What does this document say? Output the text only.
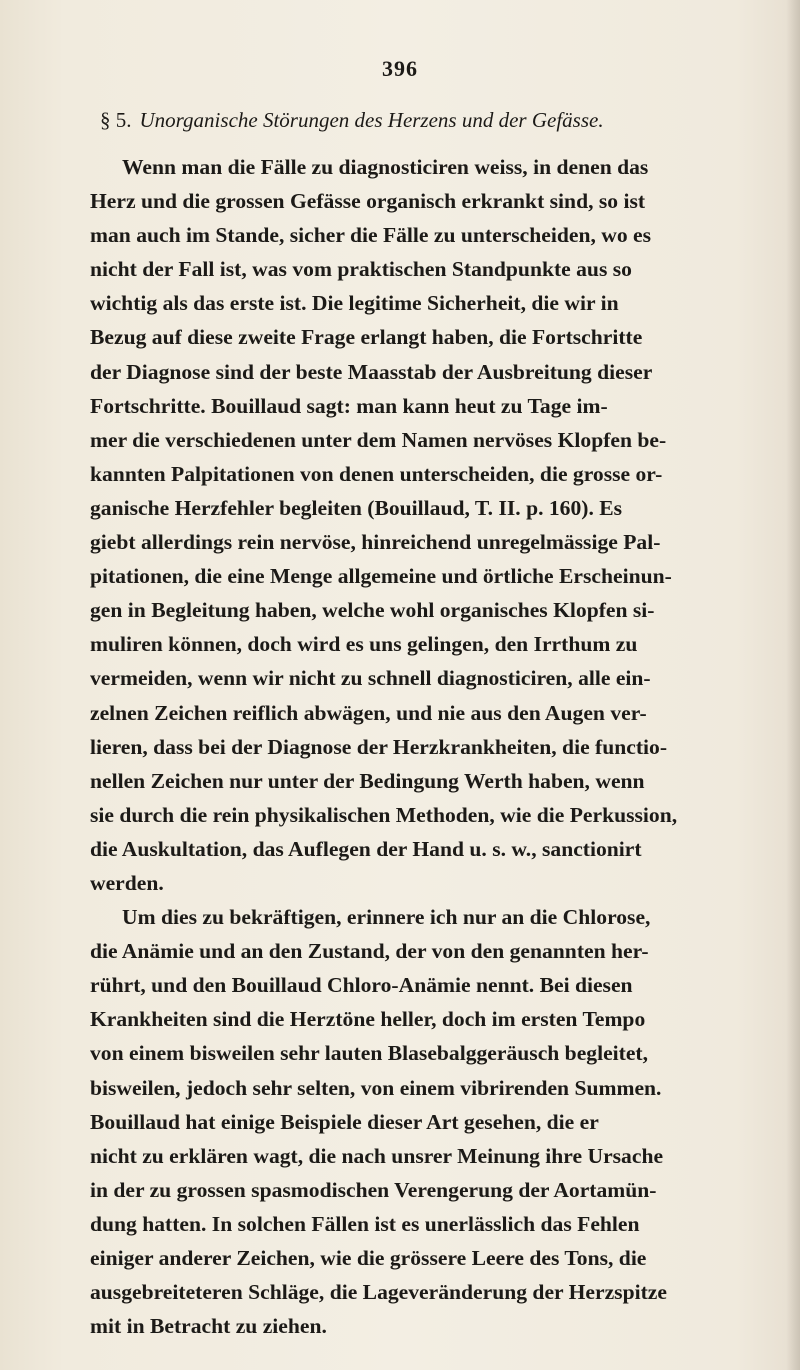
396
§ 5. Unorganische Störungen des Herzens und der Gefässe.
Wenn man die Fälle zu diagnosticiren weiss, in denen das
Herz und die grossen Gefässe organisch erkrankt sind, so ist
man auch im Stande, sicher die Fälle zu unterscheiden, wo es
nicht der Fall ist, was vom praktischen Standpunkte aus so
wichtig als das erste ist. Die legitime Sicherheit, die wir in
Bezug auf diese zweite Frage erlangt haben, die Fortschritte
der Diagnose sind der beste Maasstab der Ausbreitung dieser
Fortschritte. Bouillaud sagt: man kann heut zu Tage im-
mer die verschiedenen unter dem Namen nervöses Klopfen be-
kannten Palpitationen von denen unterscheiden, die grosse or-
ganische Herzfehler begleiten (Bouillaud, T. II. p. 160). Es
giebt allerdings rein nervöse, hinreichend unregelmässige Pal-
pitationen, die eine Menge allgemeine und örtliche Erscheinun-
gen in Begleitung haben, welche wohl organisches Klopfen si-
muliren können, doch wird es uns gelingen, den Irrthum zu
vermeiden, wenn wir nicht zu schnell diagnosticiren, alle ein-
zelnen Zeichen reiflich abwägen, und nie aus den Augen ver-
lieren, dass bei der Diagnose der Herzkrankheiten, die functio-
nellen Zeichen nur unter der Bedingung Werth haben, wenn
sie durch die rein physikalischen Methoden, wie die Perkussion,
die Auskultation, das Auflegen der Hand u. s. w., sanctionirt
werden.
Um dies zu bekräftigen, erinnere ich nur an die Chlorose,
die Anämie und an den Zustand, der von den genannten her-
rührt, und den Bouillaud Chloro-Anämie nennt. Bei diesen
Krankheiten sind die Herztöne heller, doch im ersten Tempo
von einem bisweilen sehr lauten Blasebalggeräusch begleitet,
bisweilen, jedoch sehr selten, von einem vibrirenden Summen.
Bouillaud hat einige Beispiele dieser Art gesehen, die er
nicht zu erklären wagt, die nach unsrer Meinung ihre Ursache
in der zu grossen spasmodischen Verengerung der Aortamün-
dung hatten. In solchen Fällen ist es unerlässlich das Fehlen
einiger anderer Zeichen, wie die grössere Leere des Tons, die
ausgebreiteteren Schläge, die Lageveränderung der Herzspitze
mit in Betracht zu ziehen.
